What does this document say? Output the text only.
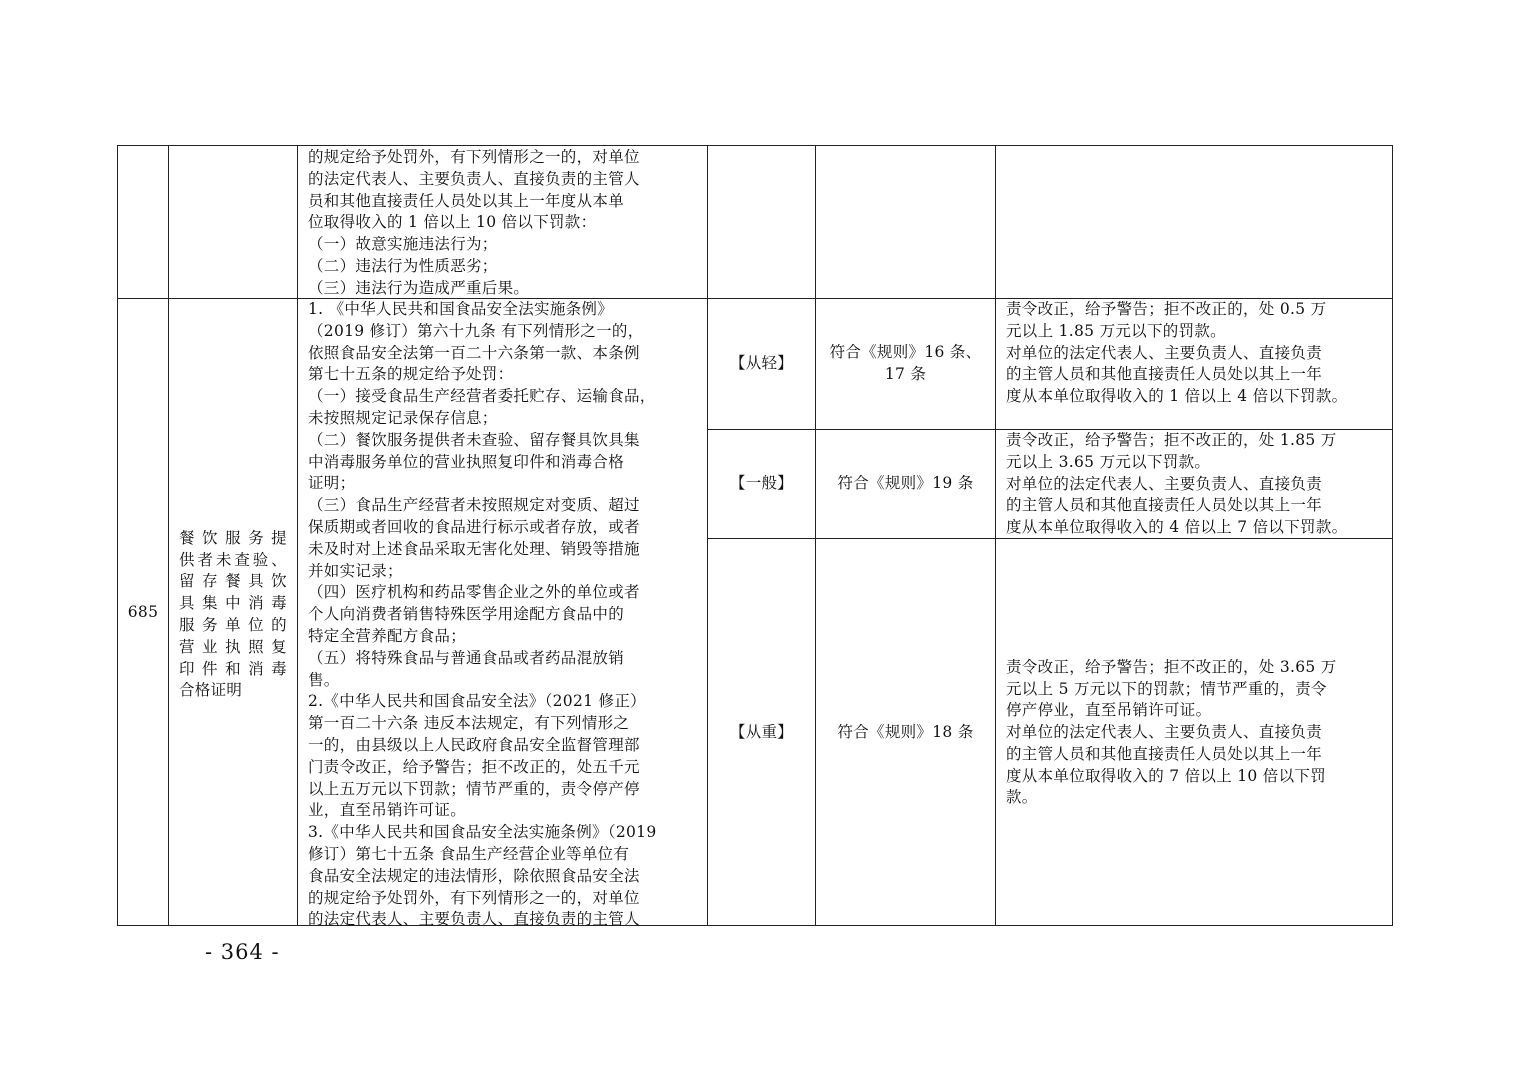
的规定给予处罚外，有下列情形之一的，对单位
的法定代表人、主要负责人、直接负责的主管人
员和其他直接责任人员处以其上一年度从本单
位取得收入的 1 倍以上 10 倍以下罚款：
（一）故意实施违法行为；
（二）违法行为性质恶劣；
（三）违法行为造成严重后果。
685
餐饮服务提
供者未查验、
留存餐具饮
具集中消毒
服务单位的
营业执照复
印件和消毒
合格证明
1. 《中华人民共和国食品安全法实施条例》
（2019 修订）第六十九条 有下列情形之一的，
依照食品安全法第一百二十六条第一款、本条例
第七十五条的规定给予处罚：
（一）接受食品生产经营者委托贮存、运输食品，
未按照规定记录保存信息；
（二）餐饮服务提供者未查验、留存餐具饮具集
中消毒服务单位的营业执照复印件和消毒合格
证明；
（三）食品生产经营者未按照规定对变质、超过
保质期或者回收的食品进行标示或者存放，或者
未及时对上述食品采取无害化处理、销毁等措施
并如实记录；
（四）医疗机构和药品零售企业之外的单位或者
个人向消费者销售特殊医学用途配方食品中的
特定全营养配方食品；
（五）将特殊食品与普通食品或者药品混放销
售。
2.《中华人民共和国食品安全法》（2021 修正）
第一百二十六条 违反本法规定，有下列情形之
一的，由县级以上人民政府食品安全监督管理部
门责令改正，给予警告；拒不改正的，处五千元
以上五万元以下罚款；情节严重的，责令停产停
业，直至吊销许可证。
3.《中华人民共和国食品安全法实施条例》（2019
修订）第七十五条 食品生产经营企业等单位有
食品安全法规定的违法情形，除依照食品安全法
的规定给予处罚外，有下列情形之一的，对单位
的法定代表人、主要负责人、直接负责的主管人
【从轻】
【一般】
【从重】
符合《规则》16 条、
17 条
符合《规则》19 条
符合《规则》18 条
责令改正，给予警告；拒不改正的，处 0.5 万
元以上 1.85 万元以下的罚款。
对单位的法定代表人、主要负责人、直接负责
的主管人员和其他直接责任人员处以其上一年
度从本单位取得收入的 1 倍以上 4 倍以下罚款。
责令改正，给予警告；拒不改正的，处 1.85 万
元以上 3.65 万元以下罚款。
对单位的法定代表人、主要负责人、直接负责
的主管人员和其他直接责任人员处以其上一年
度从本单位取得收入的 4 倍以上 7 倍以下罚款。
责令改正，给予警告；拒不改正的，处 3.65 万
元以上 5 万元以下的罚款；情节严重的，责令
停产停业，直至吊销许可证。
对单位的法定代表人、主要负责人、直接负责
的主管人员和其他直接责任人员处以其上一年
度从本单位取得收入的 7 倍以上 10 倍以下罚
款。
- 364 -
